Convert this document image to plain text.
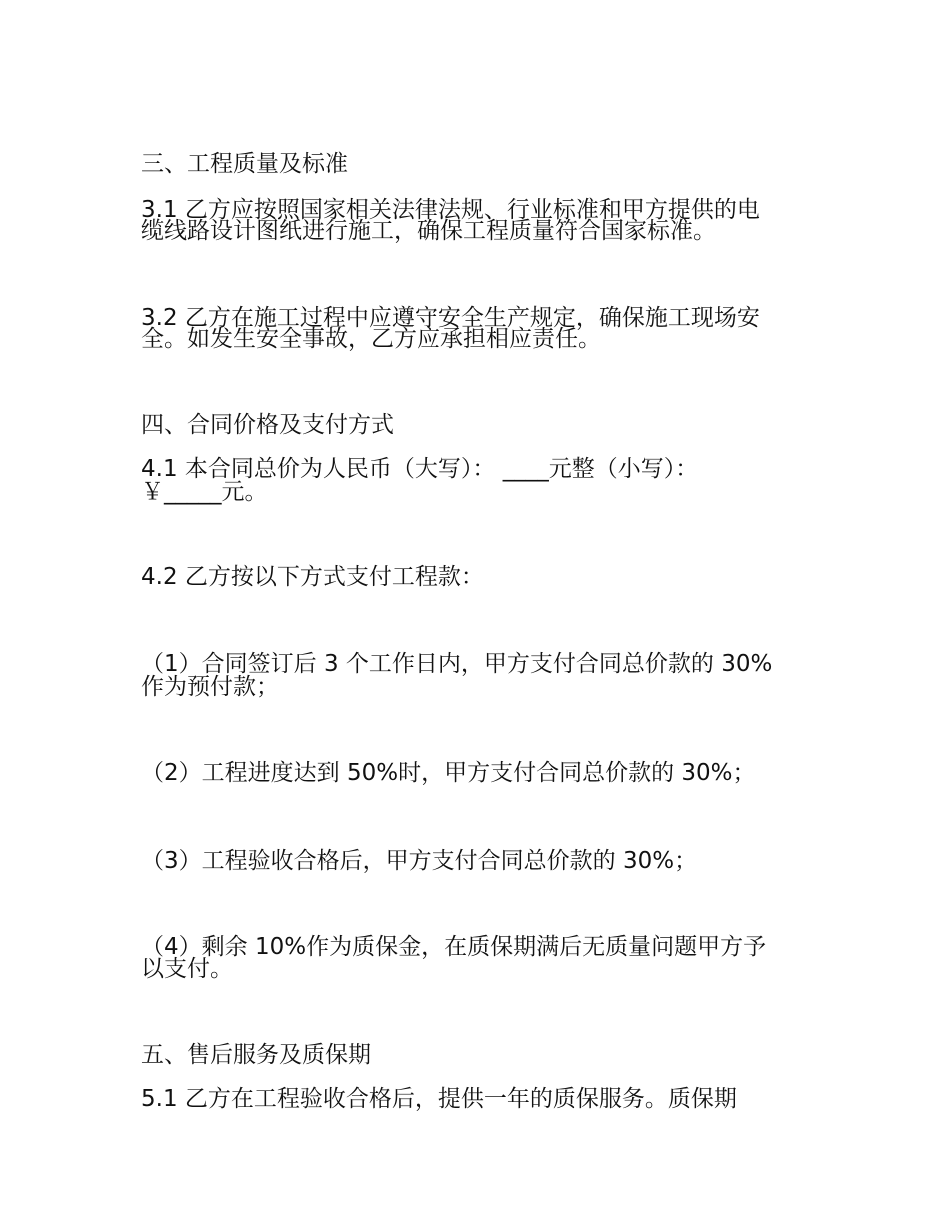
三、工程质量及标准
3.1 乙方应按照国家相关法律法规、行业标准和甲方提供的电
缆线路设计图纸进行施工，确保工程质量符合国家标准。
3.2 乙方在施工过程中应遵守安全生产规定，确保施工现场安
全。如发生安全事故，乙方应承担相应责任。
四、合同价格及支付方式
4.1 本合同总价为人民币（大写）： ____元整（小写）：
￥_____元。
4.2 乙方按以下方式支付工程款：
（1）合同签订后 3 个工作日内，甲方支付合同总价款的 30%
作为预付款；
（2）工程进度达到 50%时，甲方支付合同总价款的 30%；
（3）工程验收合格后，甲方支付合同总价款的 30%；
（4）剩余 10%作为质保金，在质保期满后无质量问题甲方予
以支付。
五、售后服务及质保期
5.1 乙方在工程验收合格后，提供一年的质保服务。质保期
